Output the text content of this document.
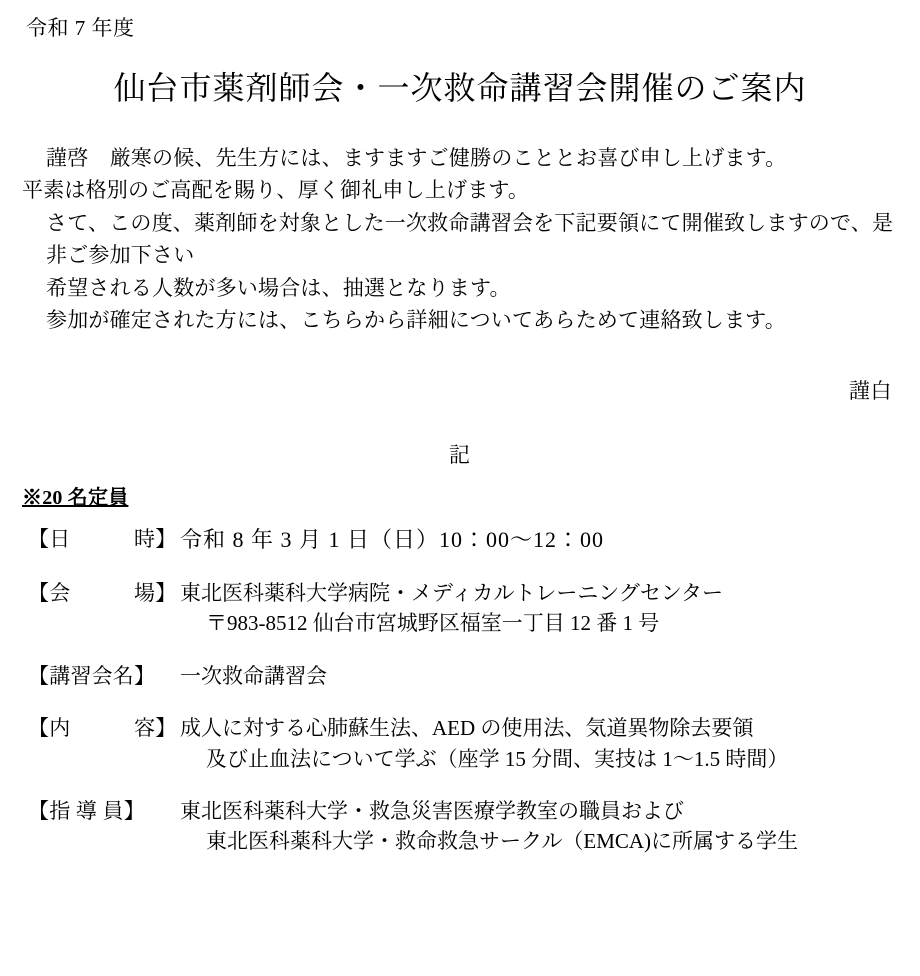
令和 7 年度
仙台市薬剤師会・一次救命講習会開催のご案内

謹啓　厳寒の候、先生方には、ますますご健勝のこととお喜び申し上げます。

平素は格別のご高配を賜り、厚く御礼申し上げます。

さて、この度、薬剤師を対象とした一次救命講習会を下記要領にて開催致しますので、是非ご参加下さい

希望される人数が多い場合は、抽選となります。

参加が確定された方には、こちらから詳細についてあらためて連絡致します。

謹白
記
※20 名定員
【日　　　時】 令和 8 年 3 月 1 日（日）10：00〜12：00
【会　　　場】 東北医科薬科大学病院・メディカルトレーニングセンター
〒983-8512 仙台市宮城野区福室一丁目 12 番 1 号
【講習会名】	一次救命講習会
【内　　　容】 成人に対する心肺蘇生法、AED の使用法、気道異物除去要領
及び止血法について学ぶ（座学 15 分間、実技は 1〜1.5 時間）
【指 導 員】	東北医科薬科大学・救急災害医療学教室の職員および
東北医科薬科大学・救命救急サークル（EMCA)に所属する学生
